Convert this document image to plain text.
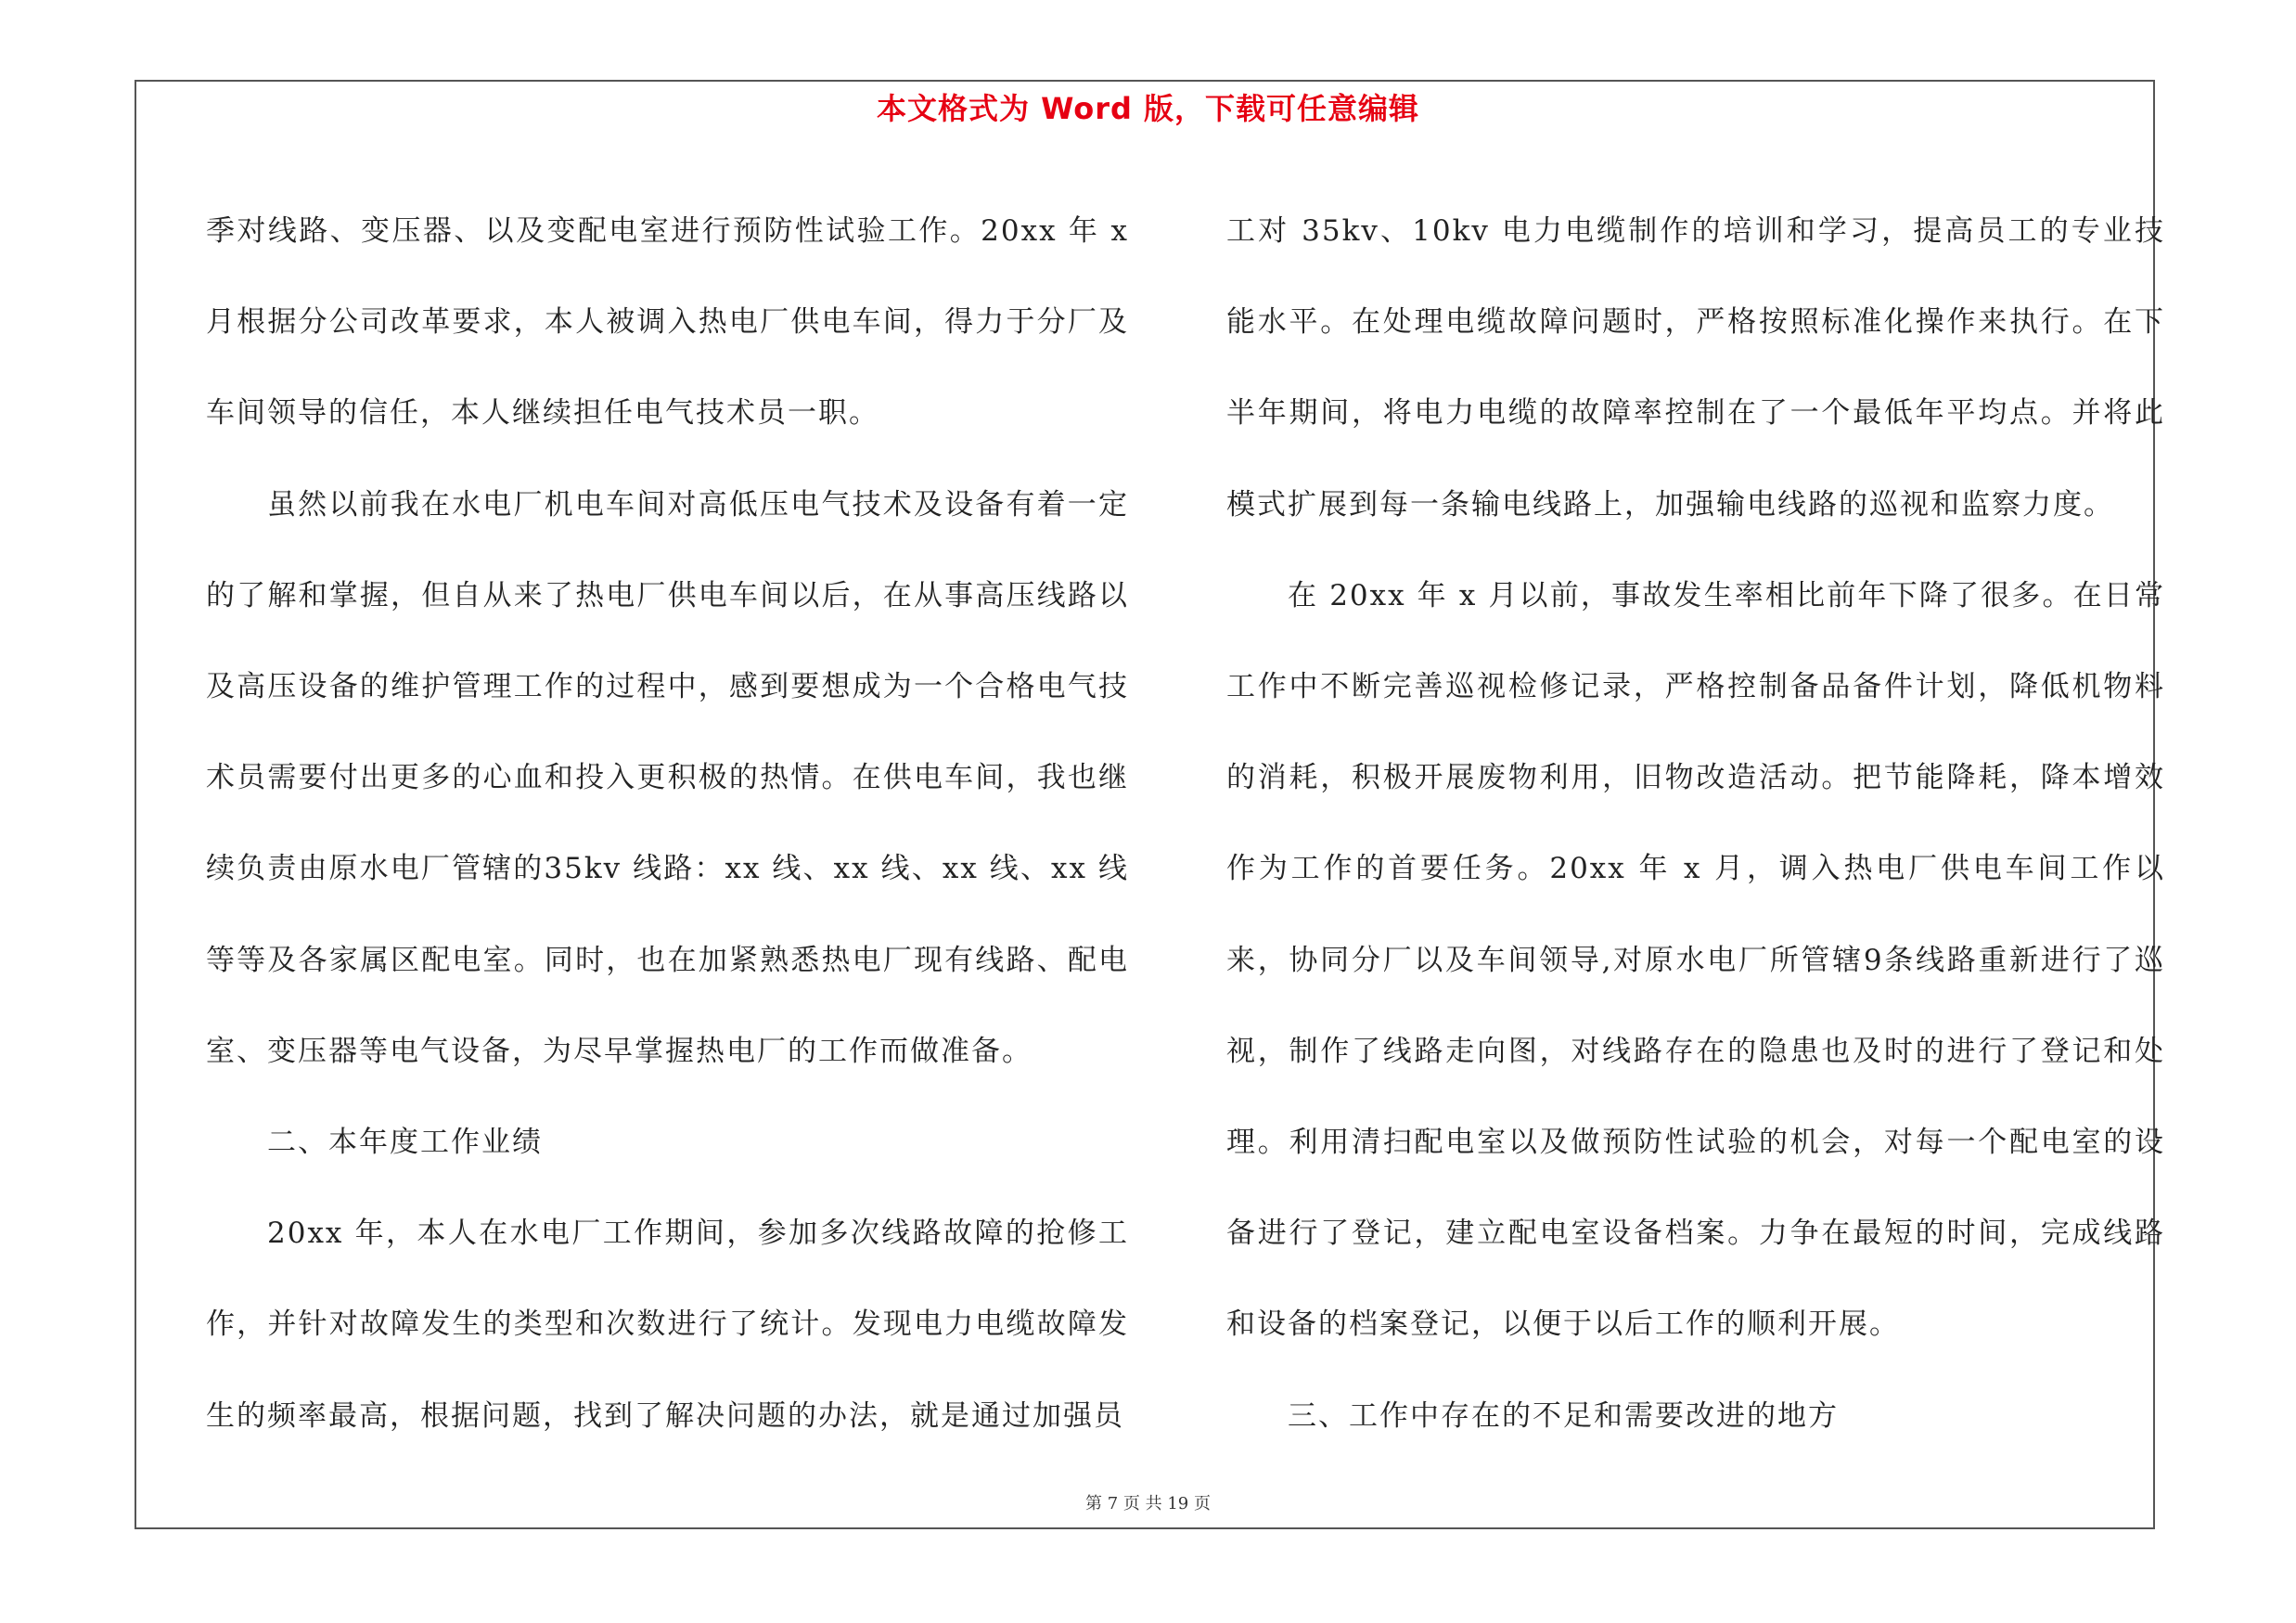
本文格式为 Word 版，下载可任意编辑

季对线路、变压器、以及变配电室进行预防性试验工作。20xx 年 x 月根据分公司改革要求，本人被调入热电厂供电车间，得力于分厂及车间领导的信任，本人继续担任电气技术员一职。

虽然以前我在水电厂机电车间对高低压电气技术及设备有着一定的了解和掌握，但自从来了热电厂供电车间以后，在从事高压线路以及高压设备的维护管理工作的过程中，感到要想成为一个合格电气技术员需要付出更多的心血和投入更积极的热情。在供电车间，我也继续负责由原水电厂管辖的35kv 线路：xx 线、xx 线、xx 线、xx 线等等及各家属区配电室。同时，也在加紧熟悉热电厂现有线路、配电室、变压器等电气设备，为尽早掌握热电厂的工作而做准备。

二、本年度工作业绩

20xx 年，本人在水电厂工作期间，参加多次线路故障的抢修工作，并针对故障发生的类型和次数进行了统计。发现电力电缆故障发生的频率最高，根据问题，找到了解决问题的办法，就是通过加强员

工对 35kv、10kv 电力电缆制作的培训和学习，提高员工的专业技能水平。在处理电缆故障问题时，严格按照标准化操作来执行。在下半年期间，将电力电缆的故障率控制在了一个最低年平均点。并将此模式扩展到每一条输电线路上，加强输电线路的巡视和监察力度。

在 20xx 年 x 月以前，事故发生率相比前年下降了很多。在日常工作中不断完善巡视检修记录，严格控制备品备件计划，降低机物料的消耗，积极开展废物利用，旧物改造活动。把节能降耗，降本增效作为工作的首要任务。20xx 年 x 月，调入热电厂供电车间工作以来，协同分厂以及车间领导,对原水电厂所管辖9条线路重新进行了巡视，制作了线路走向图，对线路存在的隐患也及时的进行了登记和处理。利用清扫配电室以及做预防性试验的机会，对每一个配电室的设备进行了登记，建立配电室设备档案。力争在最短的时间，完成线路和设备的档案登记，以便于以后工作的顺利开展。

三、工作中存在的不足和需要改进的地方

第 7 页 共 19 页
